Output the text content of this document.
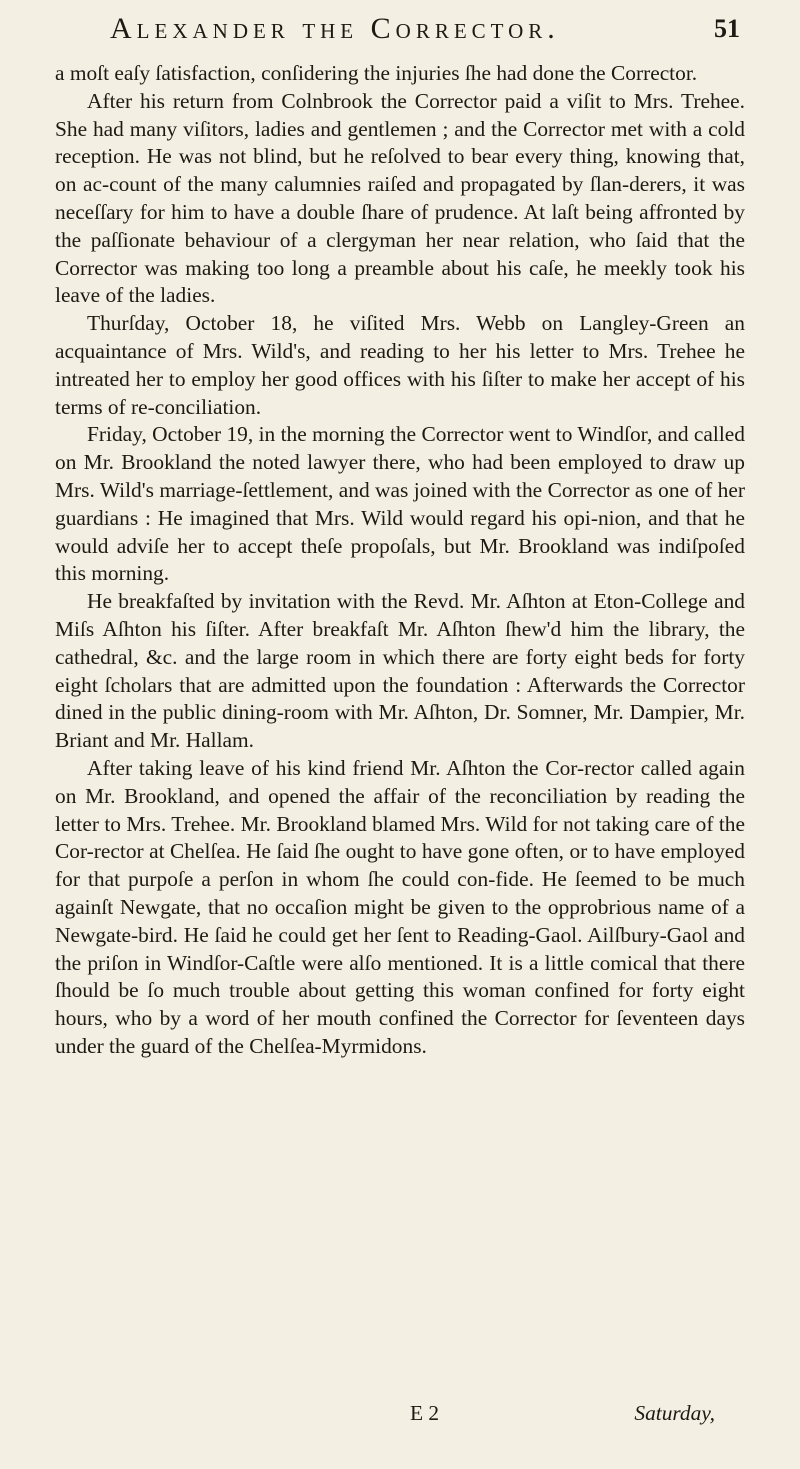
Alexander the Corrector.	51

a moſt eaſy ſatisfaction, conſidering the injuries ſhe had done the Corrector.

After his return from Colnbrook the Corrector paid a viſit to Mrs. Trehee. She had many viſitors, ladies and gentlemen ; and the Corrector met with a cold reception. He was not blind, but he reſolved to bear every thing, knowing that, on ac-count of the many calumnies raiſed and propagated by ſlan-derers, it was neceſſary for him to have a double ſhare of prudence. At laſt being affronted by the paſſionate behaviour of a clergyman her near relation, who ſaid that the Corrector was making too long a preamble about his caſe, he meekly took his leave of the ladies.

Thurſday, October 18, he viſited Mrs. Webb on Langley-Green an acquaintance of Mrs. Wild's, and reading to her his letter to Mrs. Trehee he intreated her to employ her good offices with his ſiſter to make her accept of his terms of re-conciliation.

Friday, October 19, in the morning the Corrector went to Windſor, and called on Mr. Brookland the noted lawyer there, who had been employed to draw up Mrs. Wild's marriage-ſettlement, and was joined with the Corrector as one of her guardians : He imagined that Mrs. Wild would regard his opi-nion, and that he would adviſe her to accept theſe propoſals, but Mr. Brookland was indiſpoſed this morning.

He breakfaſted by invitation with the Revd. Mr. Aſhton at Eton-College and Miſs Aſhton his ſiſter. After breakfaſt Mr. Aſhton ſhew'd him the library, the cathedral, &c. and the large room in which there are forty eight beds for forty eight ſcholars that are admitted upon the foundation : Afterwards the Corrector dined in the public dining-room with Mr. Aſhton, Dr. Somner, Mr. Dampier, Mr. Briant and Mr. Hallam.

After taking leave of his kind friend Mr. Aſhton the Cor-rector called again on Mr. Brookland, and opened the affair of the reconciliation by reading the letter to Mrs. Trehee. Mr. Brookland blamed Mrs. Wild for not taking care of the Cor-rector at Chelſea. He ſaid ſhe ought to have gone often, or to have employed for that purpoſe a perſon in whom ſhe could con-fide. He ſeemed to be much againſt Newgate, that no occaſion might be given to the opprobrious name of a Newgate-bird. He ſaid he could get her ſent to Reading-Gaol. Ailſbury-Gaol and the priſon in Windſor-Caſtle were alſo mentioned. It is a little comical that there ſhould be ſo much trouble about getting this woman confined for forty eight hours, who by a word of her mouth confined the Corrector for ſeventeen days under the guard of the Chelſea-Myrmidons.

E 2	Saturday,
